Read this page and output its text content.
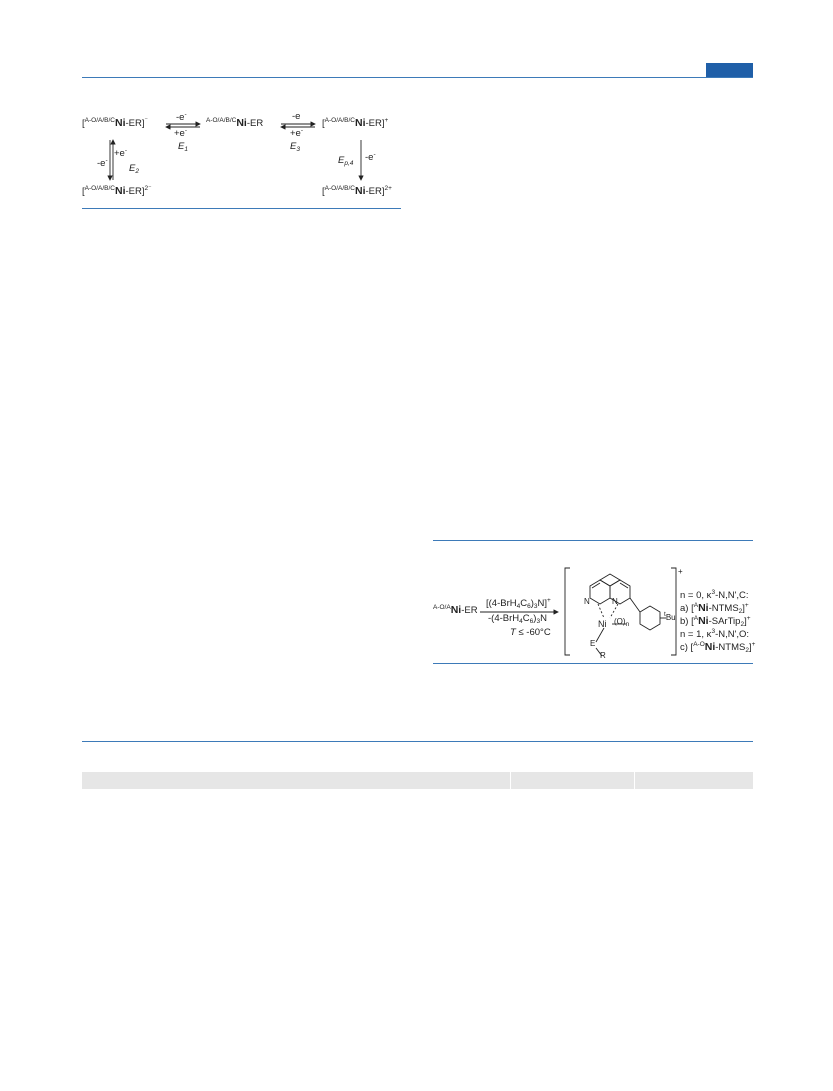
[$^{A-O/A/B/C}$Ni-ER]⁻	$^{A-O/A/B/C}$Ni-ER	[$^{A-O/A/B/C}$Ni-ER]+
$[^{A-O/A/B/C}Ni-ER]^{2^-}$	$[^{A-O/A/B/C}Ni-ER]^{2+}$
-e-
+e-
$E_1$
-e
+e-
$E_3$
+e-
-e-
$E_2$
$E_{p,4}$
-e-
$^{A-O/A}$Ni-ER
$[(4-BrH_4C_6)_3N]^+$
$-(4-BrH_4C_6)_3N$
T ≤ -60°C
+
N	N
Ni $(O)_n$
$^t$Bu
E
R
n = 0, $\kappa^3-N,N',C$:
a) $[^ANi-NTMS_2]^+$
b) [$^A$Ni-SArTip$_2$]+
n = 1, $\kappa^3-N,N',O$:
c) $[^{A-O}Ni-NTMS_2]^+$
